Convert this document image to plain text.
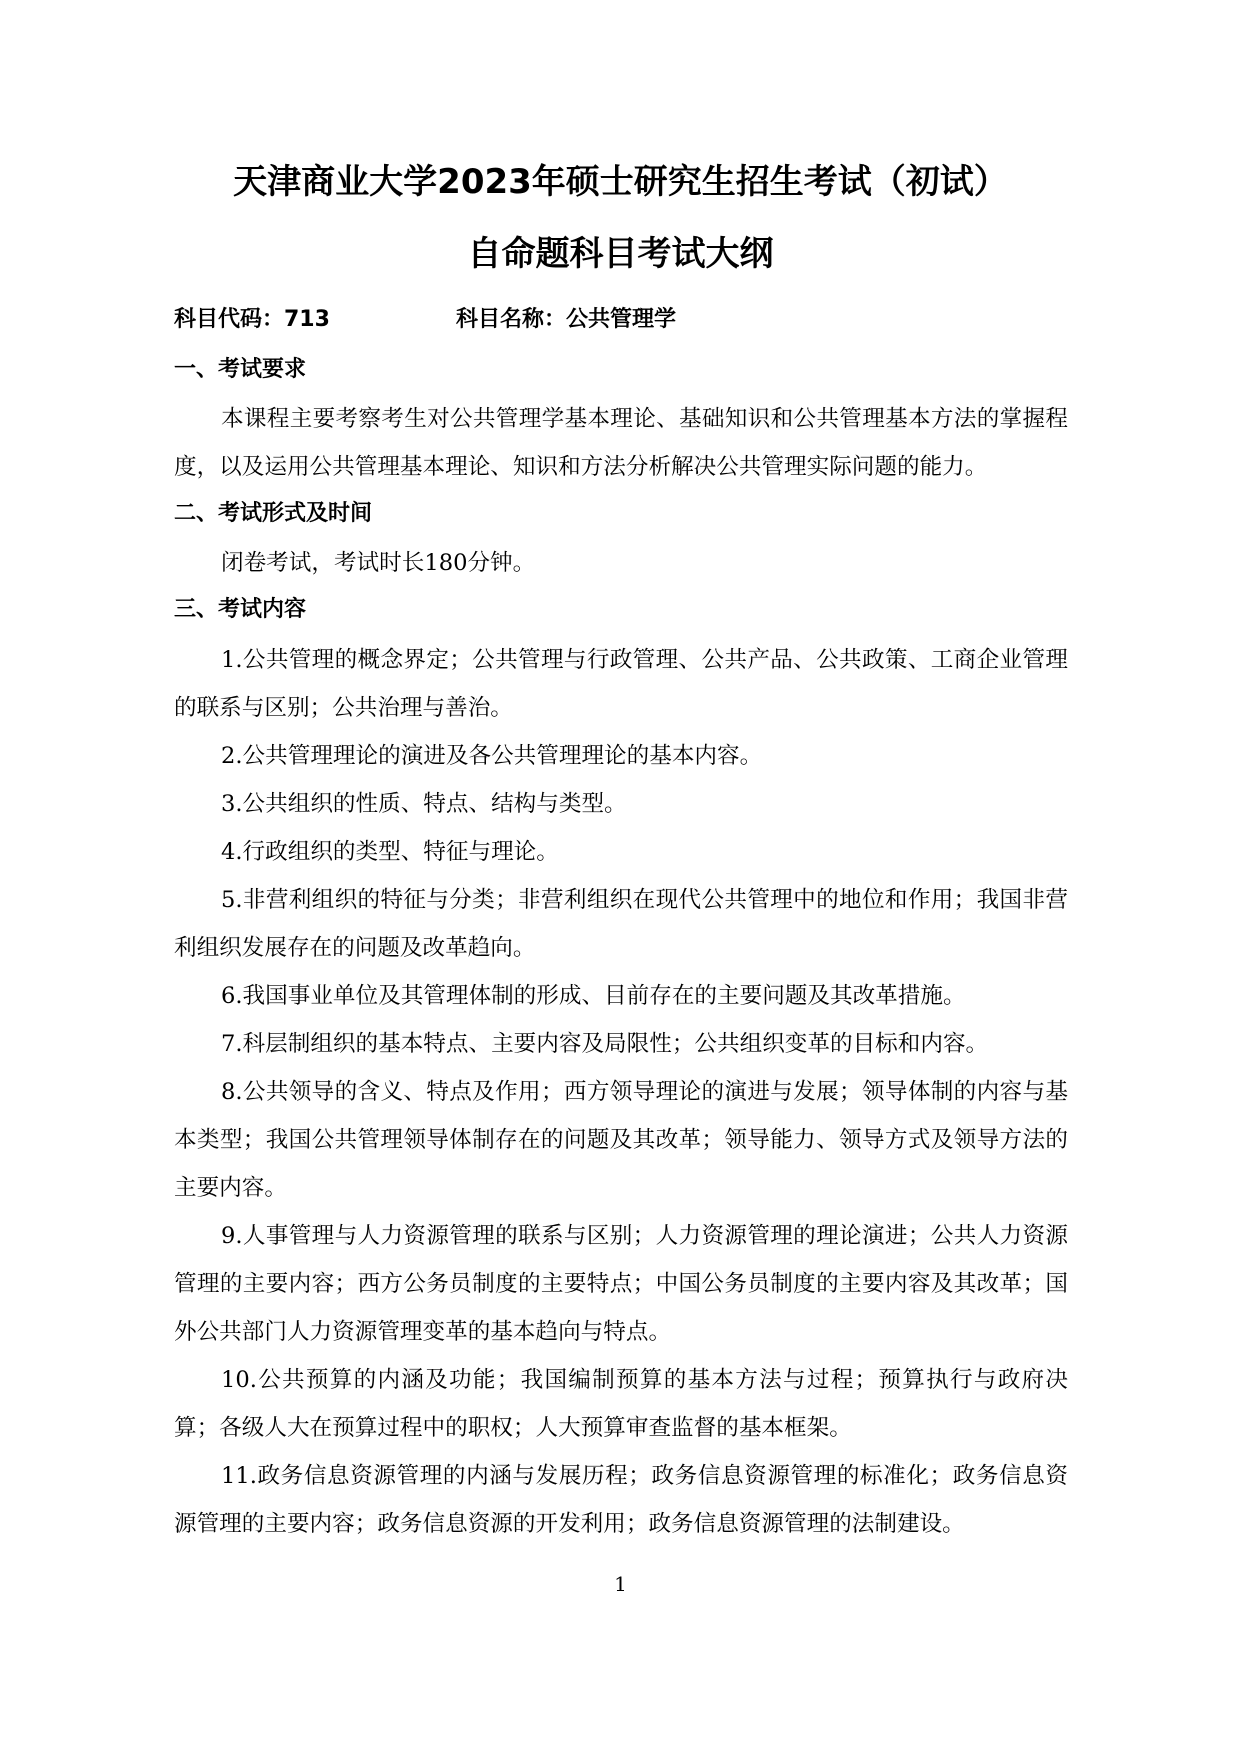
天津商业大学2023年硕士研究生招生考试（初试）
自命题科目考试大纲
科目代码：713	科目名称：公共管理学
一、考试要求
本课程主要考察考生对公共管理学基本理论、基础知识和公共管理基本方法的掌握程度，以及运用公共管理基本理论、知识和方法分析解决公共管理实际问题的能力。
二、考试形式及时间
闭卷考试，考试时长180分钟。
三、考试内容
1.公共管理的概念界定；公共管理与行政管理、公共产品、公共政策、工商企业管理的联系与区别；公共治理与善治。
2.公共管理理论的演进及各公共管理理论的基本内容。
3.公共组织的性质、特点、结构与类型。
4.行政组织的类型、特征与理论。
5.非营利组织的特征与分类；非营利组织在现代公共管理中的地位和作用；我国非营利组织发展存在的问题及改革趋向。
6.我国事业单位及其管理体制的形成、目前存在的主要问题及其改革措施。
7.科层制组织的基本特点、主要内容及局限性；公共组织变革的目标和内容。
8.公共领导的含义、特点及作用；西方领导理论的演进与发展；领导体制的内容与基本类型；我国公共管理领导体制存在的问题及其改革；领导能力、领导方式及领导方法的主要内容。
9.人事管理与人力资源管理的联系与区别；人力资源管理的理论演进；公共人力资源管理的主要内容；西方公务员制度的主要特点；中国公务员制度的主要内容及其改革；国外公共部门人力资源管理变革的基本趋向与特点。
10.公共预算的内涵及功能；我国编制预算的基本方法与过程；预算执行与政府决算；各级人大在预算过程中的职权；人大预算审查监督的基本框架。
11.政务信息资源管理的内涵与发展历程；政务信息资源管理的标准化；政务信息资源管理的主要内容；政务信息资源的开发利用；政务信息资源管理的法制建设。
1
